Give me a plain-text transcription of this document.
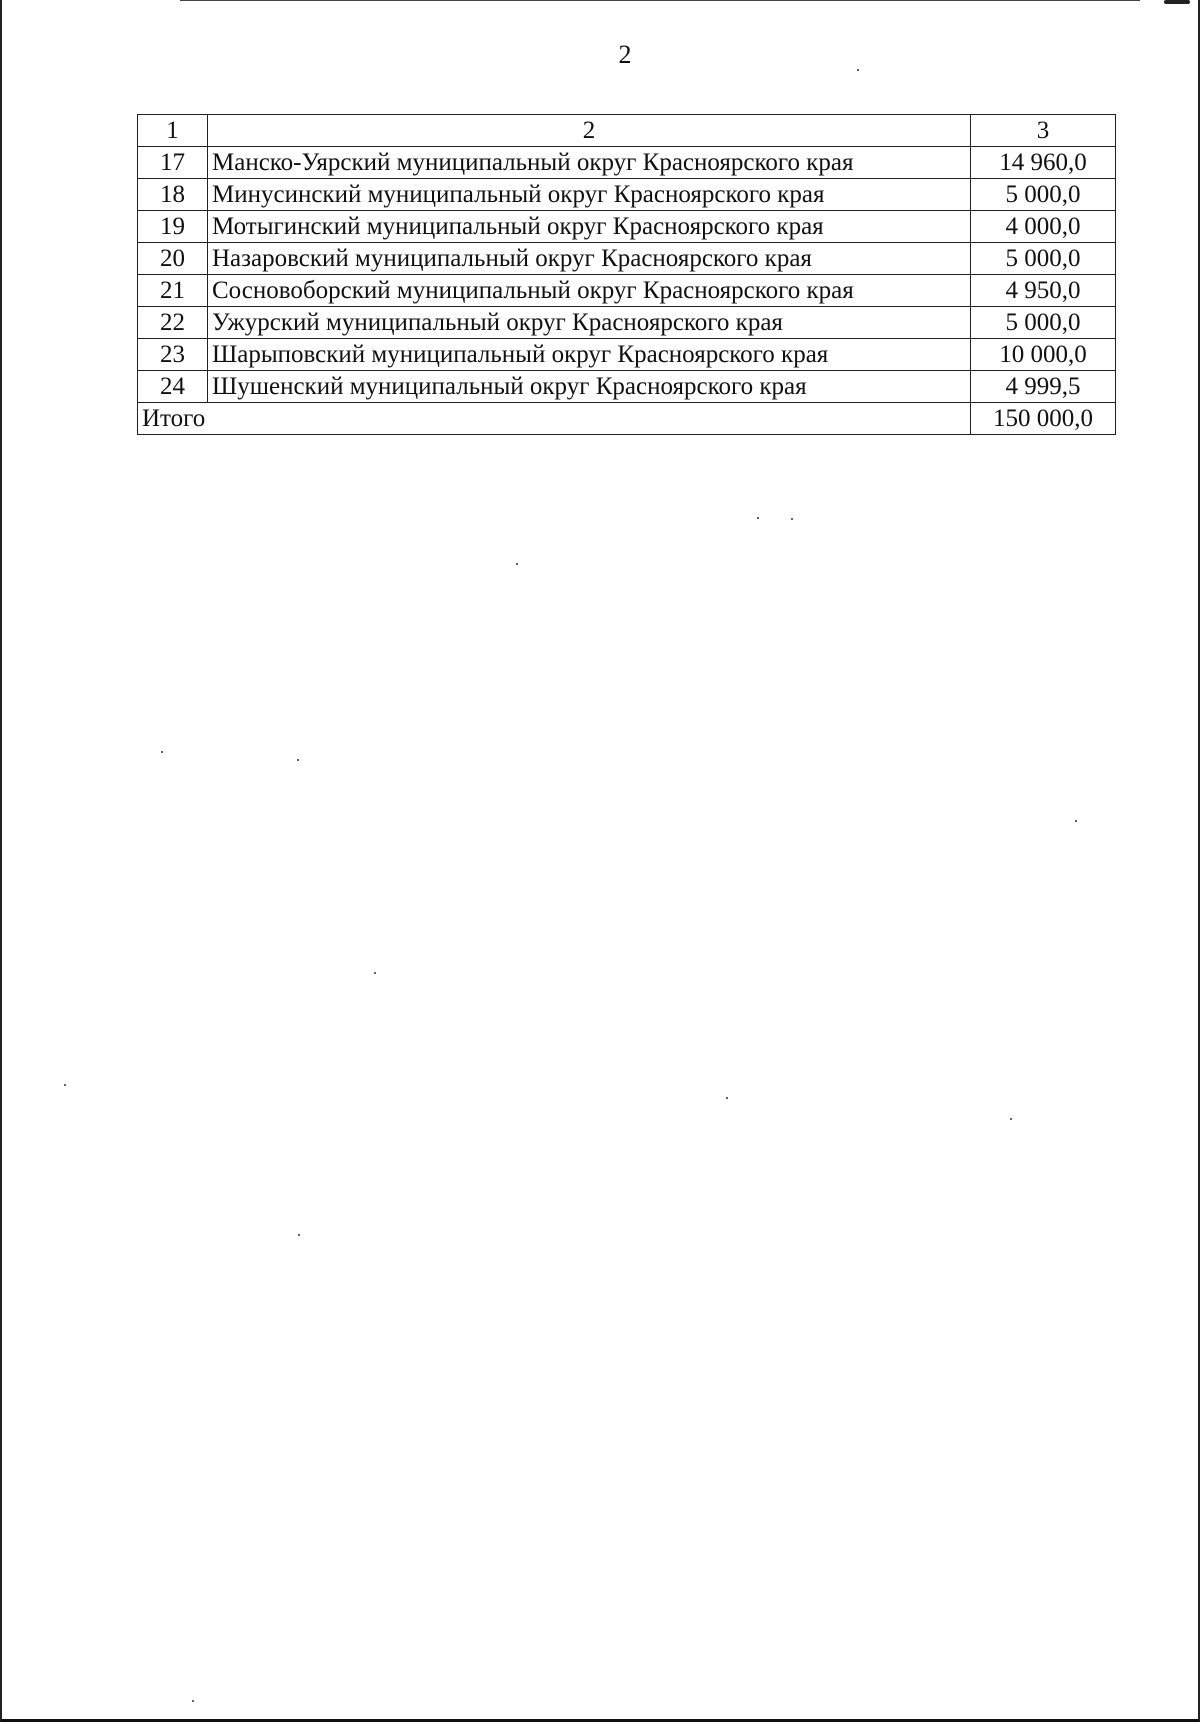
2
1	2	3
17	Манско-Уярский муниципальный округ Красноярского края	14 960,0
18	Минусинский муниципальный округ Красноярского края	5 000,0
19	Мотыгинский муниципальный округ Красноярского края	4 000,0
20	Назаровский муниципальный округ Красноярского края	5 000,0
21	Сосновоборский муниципальный округ Красноярского края	4 950,0
22	Ужурский муниципальный округ Красноярского края	5 000,0
23	Шарыповский муниципальный округ Красноярского края	10 000,0
24	Шушенский муниципальный округ Красноярского края	4 999,5
Итого		150 000,0
